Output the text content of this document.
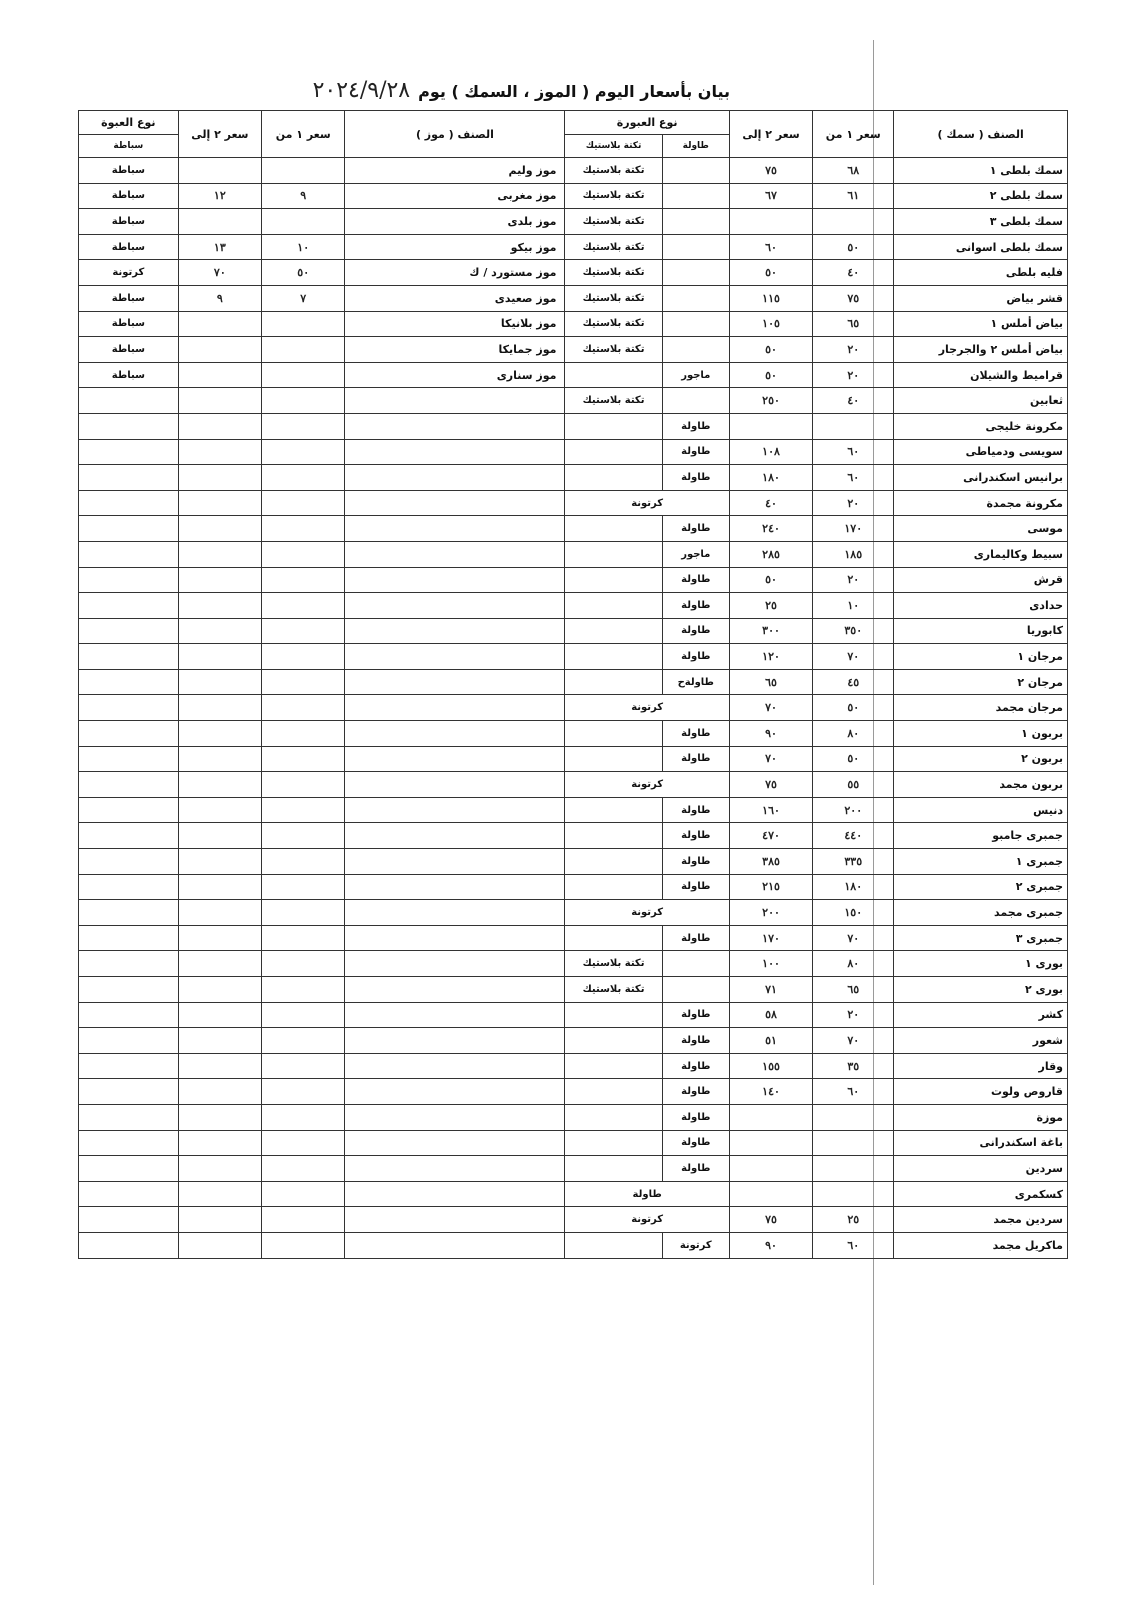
بيان بأسعار اليوم ( الموز ، السمك ) يوم٢٠٢٤/٩/٢٨
الصنف ( سمك )	سعر ١ من	سعر ٢ إلى	نوع العبورة		الصنف ( موز )	سعر ١ من	سعر ٢ إلى	نوع العبوة
			طاولة	تكتة بلاستيك				سباطة
سمك بلطى ١	٦٨	٧٥		تكتة بلاستيك	موز وليم			سباطة
سمك بلطى ٢	٦١	٦٧		تكتة بلاستيك	موز مغربى	٩	١٢	سباطة
سمك بلطى ٣				تكتة بلاستيك	موز بلدى			سباطة
سمك بلطى اسوانى	٥٠	٦٠		تكتة بلاستيك	موز بيكو	١٠	١٣	سباطة
فليه بلطى	٤٠	٥٠		تكتة بلاستيك	موز مستورد / ك	٥٠	٧٠	كرتونة
قشر بياض	٧٥	١١٥		تكتة بلاستيك	موز صعيدى	٧	٩	سباطة
بياض أملس ١	٦٥	١٠٥		تكتة بلاستيك	موز بلانيكا			سباطة
بياض أملس ٢ والجرجار	٢٠	٥٠		تكتة بلاستيك	موز جمايكا			سباطة
قراميط والشيلان	٢٠	٥٠	ماجور		موز سنارى			سباطة
ثعابين	٤٠	٢٥٠		تكتة بلاستيك				
مكرونة خليجى			طاولة					
سويسى ودمياطى	٦٠	١٠٨	طاولة					
برانيس اسكندرانى	٦٠	١٨٠	طاولة					
مكرونة مجمدة	٢٠	٤٠	كرتونة					
موسى	١٧٠	٢٤٠	طاولة					
سبيط وكاليمارى	١٨٥	٢٨٥	ماجور					
قرش	٢٠	٥٠	طاولة					
حدادى	١٠	٢٥	طاولة					
كابوريا	٣٥٠	٣٠٠	طاولة					
مرجان ١	٧٠	١٢٠	طاولة					
مرجان ٢	٤٥	٦٥	طاولةح					
مرجان مجمد	٥٠	٧٠	كرتونة					
بربون ١	٨٠	٩٠	طاولة					
بربون ٢	٥٠	٧٠	طاولة					
بربون مجمد	٥٥	٧٥	كرتونة					
دنيس	٢٠٠	١٦٠	طاولة					
جمبرى جامبو	٤٤٠	٤٧٠	طاولة					
جمبرى ١	٣٣٥	٣٨٥	طاولة					
جمبرى ٢	١٨٠	٢١٥	طاولة					
جمبرى مجمد	١٥٠	٢٠٠	كرتونة					
جمبرى ٣	٧٠	١٧٠	طاولة					
بورى ١	٨٠	١٠٠		تكتة بلاستيك				
بورى ٢	٦٥	٧١		تكتة بلاستيك				
كشر	٢٠	٥٨	طاولة					
شعور	٧٠	٥١	طاولة					
وقار	٣٥	١٥٥	طاولة					
قاروص ولوت	٦٠	١٤٠	طاولة					
موزة			طاولة					
باغة اسكندرانى			طاولة					
سردين			طاولة					
كسكمرى			طاولة					
سردين مجمد	٢٥	٧٥	كرتونة					
ماكريل مجمد	٦٠	٩٠	كرتونة					
